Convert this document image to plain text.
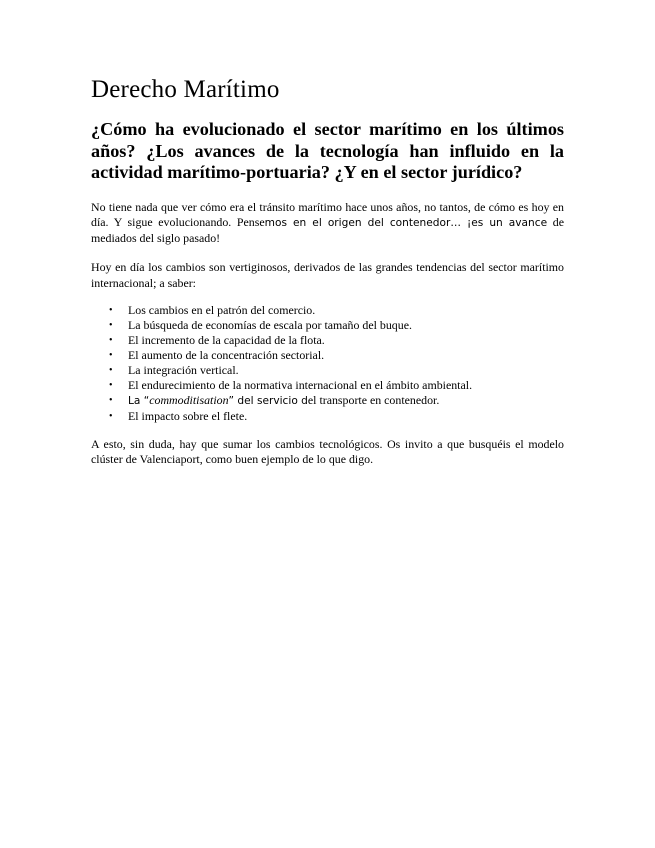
Derecho Marítimo
¿Cómo ha evolucionado el sector marítimo en los últimos años? ¿Los avances de la tecnología han influido en la actividad marítimo-portuaria? ¿Y en el sector jurídico?

No tiene nada que ver cómo era el tránsito marítimo hace unos años, no tantos, de cómo es hoy en día. Y sigue evolucionando. Pensemos en el origen del contenedor… ¡es un avance de mediados del siglo pasado!

Hoy en día los cambios son vertiginosos, derivados de las grandes tendencias del sector marítimo internacional; a saber:

• Los cambios en el patrón del comercio.
• La búsqueda de economías de escala por tamaño del buque.
• El incremento de la capacidad de la flota.
• El aumento de la concentración sectorial.
• La integración vertical.
• El endurecimiento de la normativa internacional en el ámbito ambiental.
• La “commoditisation” del servicio del transporte en contenedor.
• El impacto sobre el flete.

A esto, sin duda, hay que sumar los cambios tecnológicos. Os invito a que busquéis el modelo clúster de Valenciaport, como buen ejemplo de lo que digo.
